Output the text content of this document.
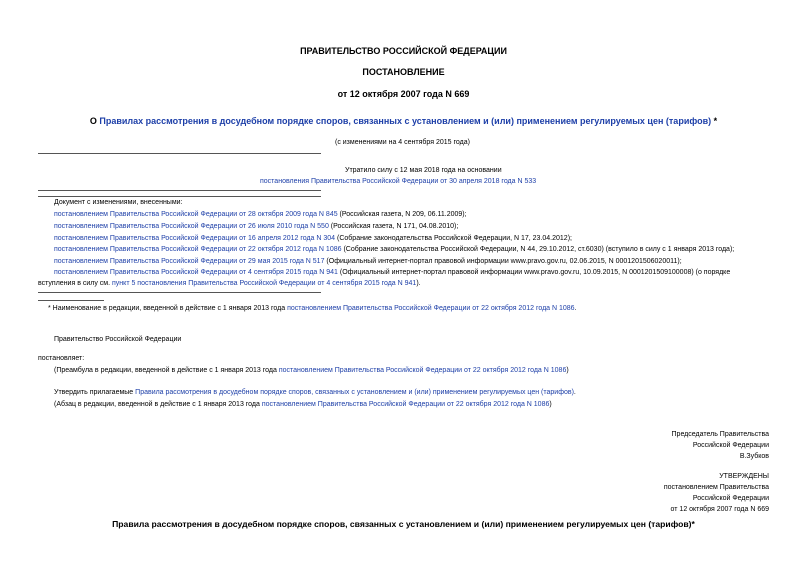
ПРАВИТЕЛЬСТВО РОССИЙСКОЙ ФЕДЕРАЦИИ
ПОСТАНОВЛЕНИЕ
от 12 октября 2007 года N 669
О Правилах рассмотрения в досудебном порядке споров, связанных с установлением и (или) применением регулируемых цен (тарифов) *
(с изменениями на 4 сентября 2015 года)
Утратило силу с 12 мая 2018 года на основании
постановления Правительства Российской Федерации от 30 апреля 2018 года N 533
Документ с изменениями, внесенными:
постановлением Правительства Российской Федерации от 28 октября 2009 года N 845 (Российская газета, N 209, 06.11.2009);
постановлением Правительства Российской Федерации от 26 июля 2010 года N 550 (Российская газета, N 171, 04.08.2010);
постановлением Правительства Российской Федерации от 16 апреля 2012 года N 304 (Собрание законодательства Российской Федерации, N 17, 23.04.2012);
постановлением Правительства Российской Федерации от 22 октября 2012 года N 1086 (Собрание законодательства Российской Федерации, N 44, 29.10.2012, ст.6030) (вступило в силу с 1 января 2013 года);
постановлением Правительства Российской Федерации от 29 мая 2015 года N 517 (Официальный интернет-портал правовой информации www.pravo.gov.ru, 02.06.2015, N 0001201506020011);
постановлением Правительства Российской Федерации от 4 сентября 2015 года N 941 (Официальный интернет-портал правовой информации www.pravo.gov.ru, 10.09.2015, N 0001201509100008) (о порядке
вступления в силу см. пункт 5 постановления Правительства Российской Федерации от 4 сентября 2015 года N 941).
* Наименование в редакции, введенной в действие с 1 января 2013 года постановлением Правительства Российской Федерации от 22 октября 2012 года N 1086.
Правительство Российской Федерации
постановляет:
(Преамбула в редакции, введенной в действие с 1 января 2013 года постановлением Правительства Российской Федерации от 22 октября 2012 года N 1086)
Утвердить прилагаемые Правила рассмотрения в досудебном порядке споров, связанных с установлением и (или) применением регулируемых цен (тарифов).
(Абзац в редакции, введенной в действие с 1 января 2013 года постановлением Правительства Российской Федерации от 22 октября 2012 года N 1086)
Председатель Правительства
Российской Федерации
В.Зубков
УТВЕРЖДЕНЫ
постановлением Правительства
Российской Федерации
от 12 октября 2007 года N 669
Правила рассмотрения в досудебном порядке споров, связанных с установлением и (или) применением регулируемых цен (тарифов)*
